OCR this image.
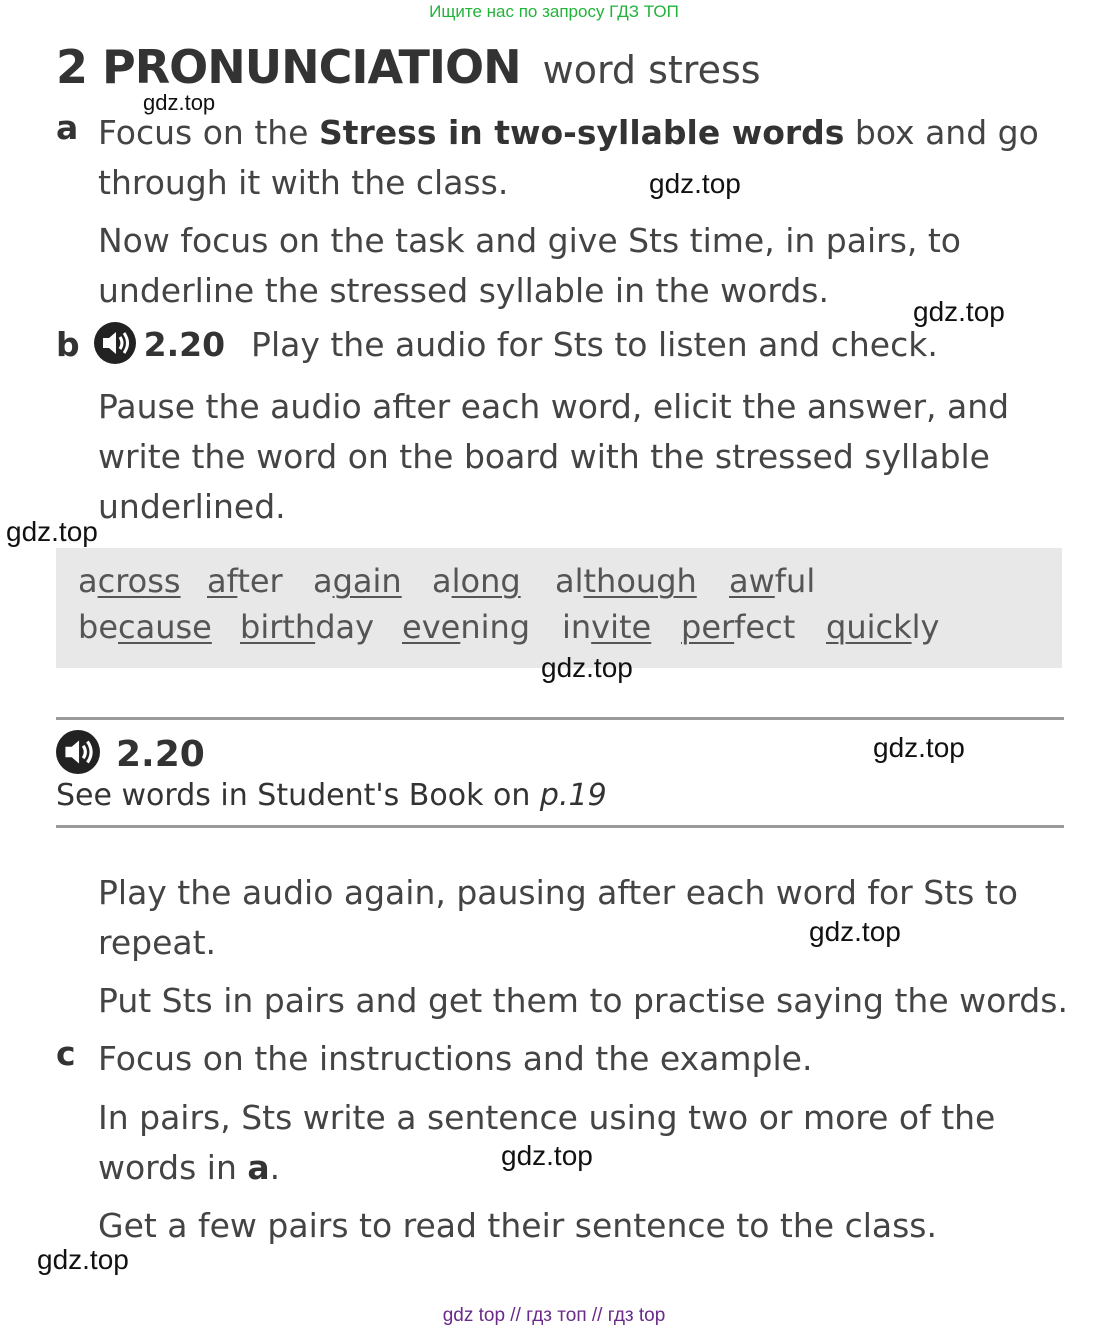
Ищите нас по запросу ГДЗ ТОП
2 PRONUNCIATION word stress
a Focus on the Stress in two-syllable words box and go
through it with the class.
Now focus on the task and give Sts time, in pairs, to
underline the stressed syllable in the words.
b 2.20 Play the audio for Sts to listen and check.
Pause the audio after each word, elicit the answer, and
write the word on the board with the stressed syllable
underlined.
across after again along although awful
because birthday evening invite perfect quickly
2.20
See words in Student's Book on p.19
Play the audio again, pausing after each word for Sts to
repeat.
Put Sts in pairs and get them to practise saying the words.
c Focus on the instructions and the example.
In pairs, Sts write a sentence using two or more of the
words in a.
Get a few pairs to read their sentence to the class.
gdz.top
gdz.top
gdz.top
gdz.top
gdz.top
gdz.top
gdz.top
gdz.top
gdz.top
gdz top // гдз топ // гдз top
